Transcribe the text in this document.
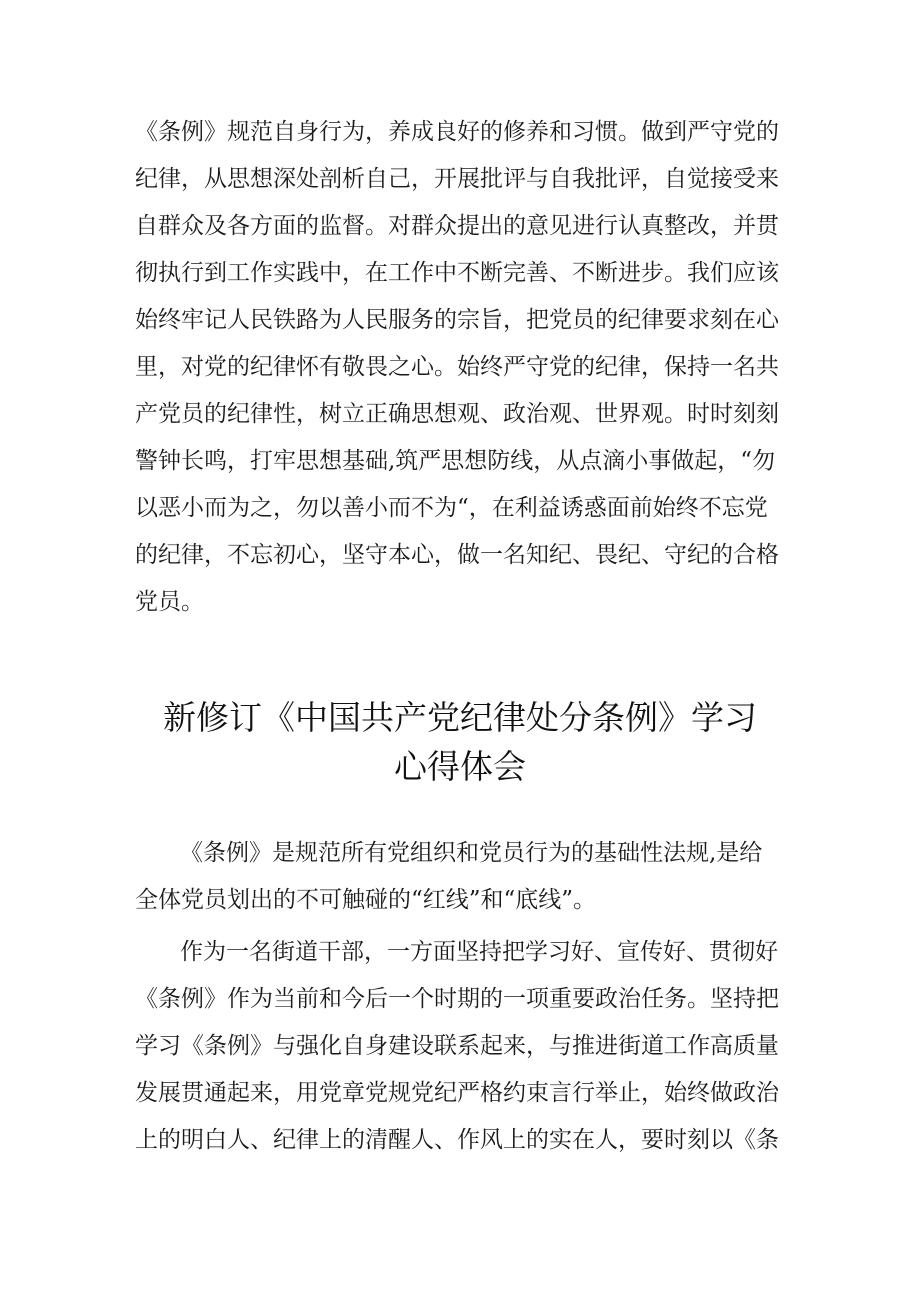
《条例》规范自身行为，养成良好的修养和习惯。做到严守党的
纪律，从思想深处剖析自己，开展批评与自我批评，自觉接受来
自群众及各方面的监督。对群众提出的意见进行认真整改，并贯
彻执行到工作实践中，在工作中不断完善、不断进步。我们应该
始终牢记人民铁路为人民服务的宗旨，把党员的纪律要求刻在心
里，对党的纪律怀有敬畏之心。始终严守党的纪律，保持一名共
产党员的纪律性，树立正确思想观、政治观、世界观。时时刻刻
警钟长鸣，打牢思想基础,筑严思想防线，从点滴小事做起，“勿
以恶小而为之，勿以善小而不为“，在利益诱惑面前始终不忘党
的纪律，不忘初心，坚守本心，做一名知纪、畏纪、守纪的合格
党员。
新修订《中国共产党纪律处分条例》学习
心得体会
《条例》是规范所有党组织和党员行为的基础性法规,是给
全体党员划出的不可触碰的“红线”和“底线”。
作为一名街道干部，一方面坚持把学习好、宣传好、贯彻好
《条例》作为当前和今后一个时期的一项重要政治任务。坚持把
学习《条例》与强化自身建设联系起来，与推进街道工作高质量
发展贯通起来，用党章党规党纪严格约束言行举止，始终做政治
上的明白人、纪律上的清醒人、作风上的实在人，要时刻以《条
